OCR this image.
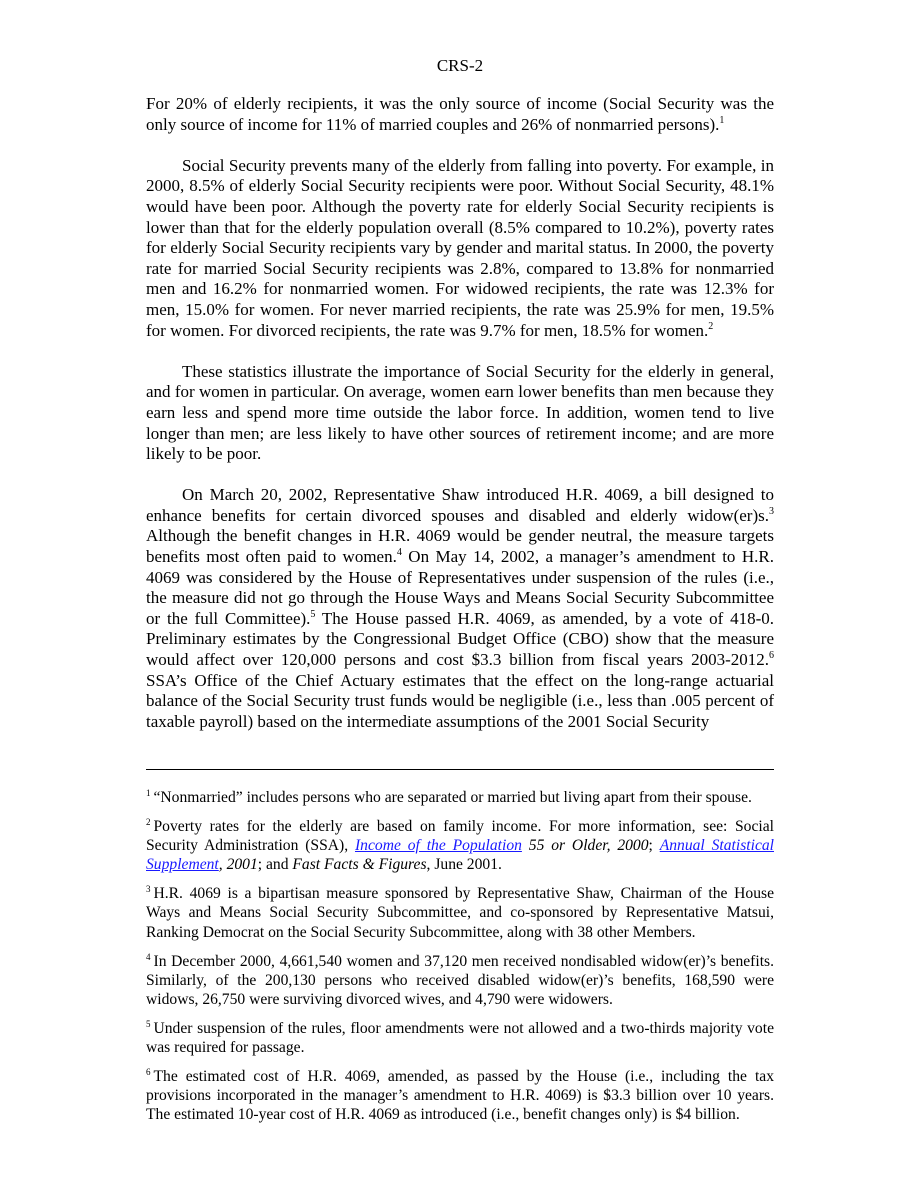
CRS-2

For 20% of elderly recipients, it was the only source of income (Social Security was the only source of income for 11% of married couples and 26% of nonmarried persons).$^1$

Social Security prevents many of the elderly from falling into poverty. For example, in 2000, 8.5% of elderly Social Security recipients were poor. Without Social Security, 48.1% would have been poor. Although the poverty rate for elderly Social Security recipients is lower than that for the elderly population overall (8.5% compared to 10.2%), poverty rates for elderly Social Security recipients vary by gender and marital status. In 2000, the poverty rate for married Social Security recipients was 2.8%, compared to 13.8% for nonmarried men and 16.2% for nonmarried women. For widowed recipients, the rate was 12.3% for men, 15.0% for women. For never married recipients, the rate was 25.9% for men, 19.5% for women. For divorced recipients, the rate was 9.7% for men, 18.5% for women.$^2$

These statistics illustrate the importance of Social Security for the elderly in general, and for women in particular. On average, women earn lower benefits than men because they earn less and spend more time outside the labor force. In addition, women tend to live longer than men; are less likely to have other sources of retirement income; and are more likely to be poor.

On March 20, 2002, Representative Shaw introduced H.R. 4069, a bill designed to enhance benefits for certain divorced spouses and disabled and elderly widow(er)s.$^3$ Although the benefit changes in H.R. 4069 would be gender neutral, the measure targets benefits most often paid to women.$^4$ On May 14, 2002, a manager’s amendment to H.R. 4069 was considered by the House of Representatives under suspension of the rules (i.e., the measure did not go through the House Ways and Means Social Security Subcommittee or the full Committee).$^5$ The House passed H.R. 4069, as amended, by a vote of 418-0. Preliminary estimates by the Congressional Budget Office (CBO) show that the measure would affect over 120,000 persons and cost $3.3 billion from fiscal years 2003-2012.$^6$ SSA’s Office of the Chief Actuary estimates that the effect on the long-range actuarial balance of the Social Security trust funds would be negligible (i.e., less than .005 percent of taxable payroll) based on the intermediate assumptions of the 2001 Social Security

$^1$ “Nonmarried” includes persons who are separated or married but living apart from their spouse.

$^2$ Poverty rates for the elderly are based on family income. For more information, see: Social Security Administration (SSA), Income of the Population 55 or Older, 2000; Annual Statistical Supplement, 2001; and Fast Facts & Figures, June 2001.

$^3$ H.R. 4069 is a bipartisan measure sponsored by Representative Shaw, Chairman of the House Ways and Means Social Security Subcommittee, and co-sponsored by Representative Matsui, Ranking Democrat on the Social Security Subcommittee, along with 38 other Members.

$^4$ In December 2000, 4,661,540 women and 37,120 men received nondisabled widow(er)’s benefits. Similarly, of the 200,130 persons who received disabled widow(er)’s benefits, 168,590 were widows, 26,750 were surviving divorced wives, and 4,790 were widowers.

$^5$ Under suspension of the rules, floor amendments were not allowed and a two-thirds majority vote was required for passage.

$^6$ The estimated cost of H.R. 4069, amended, as passed by the House (i.e., including the tax provisions incorporated in the manager’s amendment to H.R. 4069) is $3.3 billion over 10 years. The estimated 10-year cost of H.R. 4069 as introduced (i.e., benefit changes only) is $4 billion.
